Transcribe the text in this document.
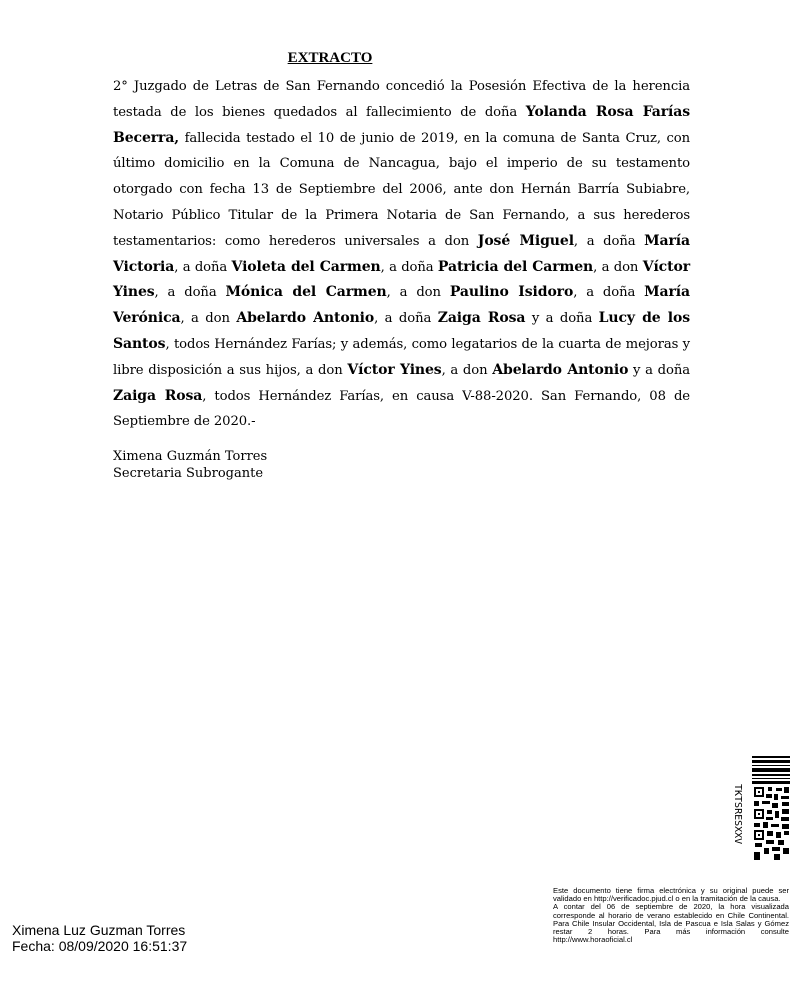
EXTRACTO
2° Juzgado de Letras de San Fernando concedió la Posesión Efectiva de la herencia testada de los bienes quedados al fallecimiento de doña Yolanda Rosa Farías Becerra, fallecida testado el 10 de junio de 2019, en la comuna de Santa Cruz, con último domicilio en la Comuna de Nancagua, bajo el imperio de su testamento otorgado con fecha 13 de Septiembre del 2006, ante don Hernán Barría Subiabre, Notario Público Titular de la Primera Notaria de San Fernando, a sus herederos testamentarios: como herederos universales a don José Miguel, a doña María Victoria, a doña Violeta del Carmen, a doña Patricia del Carmen, a don Víctor Yines, a doña Mónica del Carmen, a don Paulino Isidoro, a doña María Verónica, a don Abelardo Antonio, a doña Zaiga Rosa y a doña Lucy de los Santos, todos Hernández Farías; y además, como legatarios de la cuarta de mejoras y libre disposición a sus hijos, a don Víctor Yines, a don Abelardo Antonio y a doña Zaiga Rosa, todos Hernández Farías, en causa V-88-2020. San Fernando, 08 de Septiembre de 2020.-
Ximena Guzmán Torres
Secretaria Subrogante
TKTSRESXXV
Este documento tiene firma electrónica y su original puede ser validado en http://verificadoc.pjud.cl o en la tramitación de la causa.
A contar del 06 de septiembre de 2020, la hora visualizada corresponde al horario de verano establecido en Chile Continental. Para Chile Insular Occidental, Isla de Pascua e Isla Salas y Gómez restar 2 horas. Para más información consulte http://www.horaoficial.cl
Ximena Luz Guzman Torres
Fecha: 08/09/2020 16:51:37
